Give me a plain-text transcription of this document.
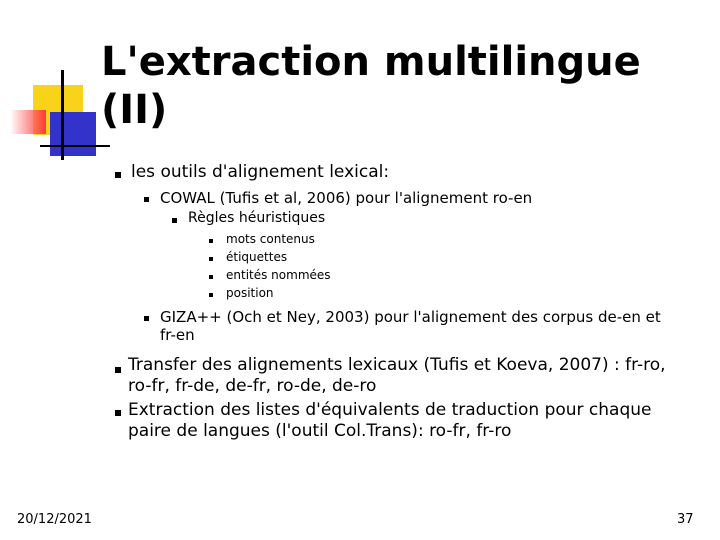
L'extraction multilingue
(II)
les outils d'alignement lexical:
COWAL (Tufis et al, 2006) pour l'alignement ro-en
Règles héuristiques
mots contenus
étiquettes
entités nommées
position
GIZA++ (Och et Ney, 2003) pour l'alignement des corpus de-en et
fr-en
Transfer des alignements lexicaux (Tufis et Koeva, 2007) : fr-ro,
ro-fr, fr-de, de-fr, ro-de, de-ro
Extraction des listes d'équivalents de traduction pour chaque
paire de langues (l'outil Col.Trans): ro-fr, fr-ro
20/12/2021	37
